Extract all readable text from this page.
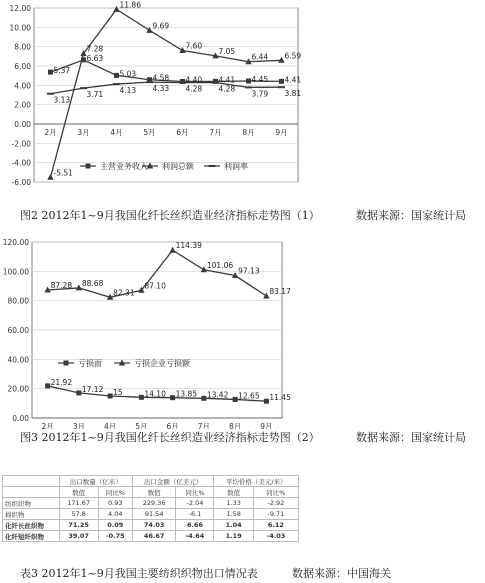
-6.00
-4.00
-2.00
0.00
2.00
4.00
6.00
8.00
10.00
12.00
2月	3月	4月	5月	6月	7月	8月	9月
5.37
6.63
5.03 4.58 4.40 4.41 4.45 4.41
-5.51
7.28
11.86
9.69
7.60
7.05
6.44 6.59
3.13
3.71 4.13 4.33 4.28 4.28
3.79 3.81
主营业务收入 利润总额	利润率
图2 2012年1~9月我国化纤长丝织造业经济指标走势图（1）	数据来源：国家统计局
0.00
20.00
40.00
60.00
80.00
100.00
120.00
2月	3月	4月	5月	6月	7月	8月	9月
21.92
17.12 15	14.10 13.85 13.42 12.65 11.45
87.28 88.68
82.31
87.10
114.39
101.06
97.13
83.17
亏损面	亏损企业亏损额
图3 2012年1~9月我国化纤长丝织造业经济指标走势图（2）	数据来源：国家统计局
	出口数量（亿米）		出口金额（亿美元）		平均价格（美元/米）	
	数值	同比%	数值	同比%	数值	同比%
纺织织物	171.67	0.93	229.36	-2.04	1.33	-2.92
棉织物	57.8	4.04	91.54	-6.1	1.58	-9.71
化纤长丝织物	71.25	0.09	74.03	6.66	1.04	6.12
化纤短纤织物	39.07	-0.75	46.67	-4.64	1.19	-4.03
表3 2012年1~9月我国主要纺织织物出口情况表	数据来源：中国海关
